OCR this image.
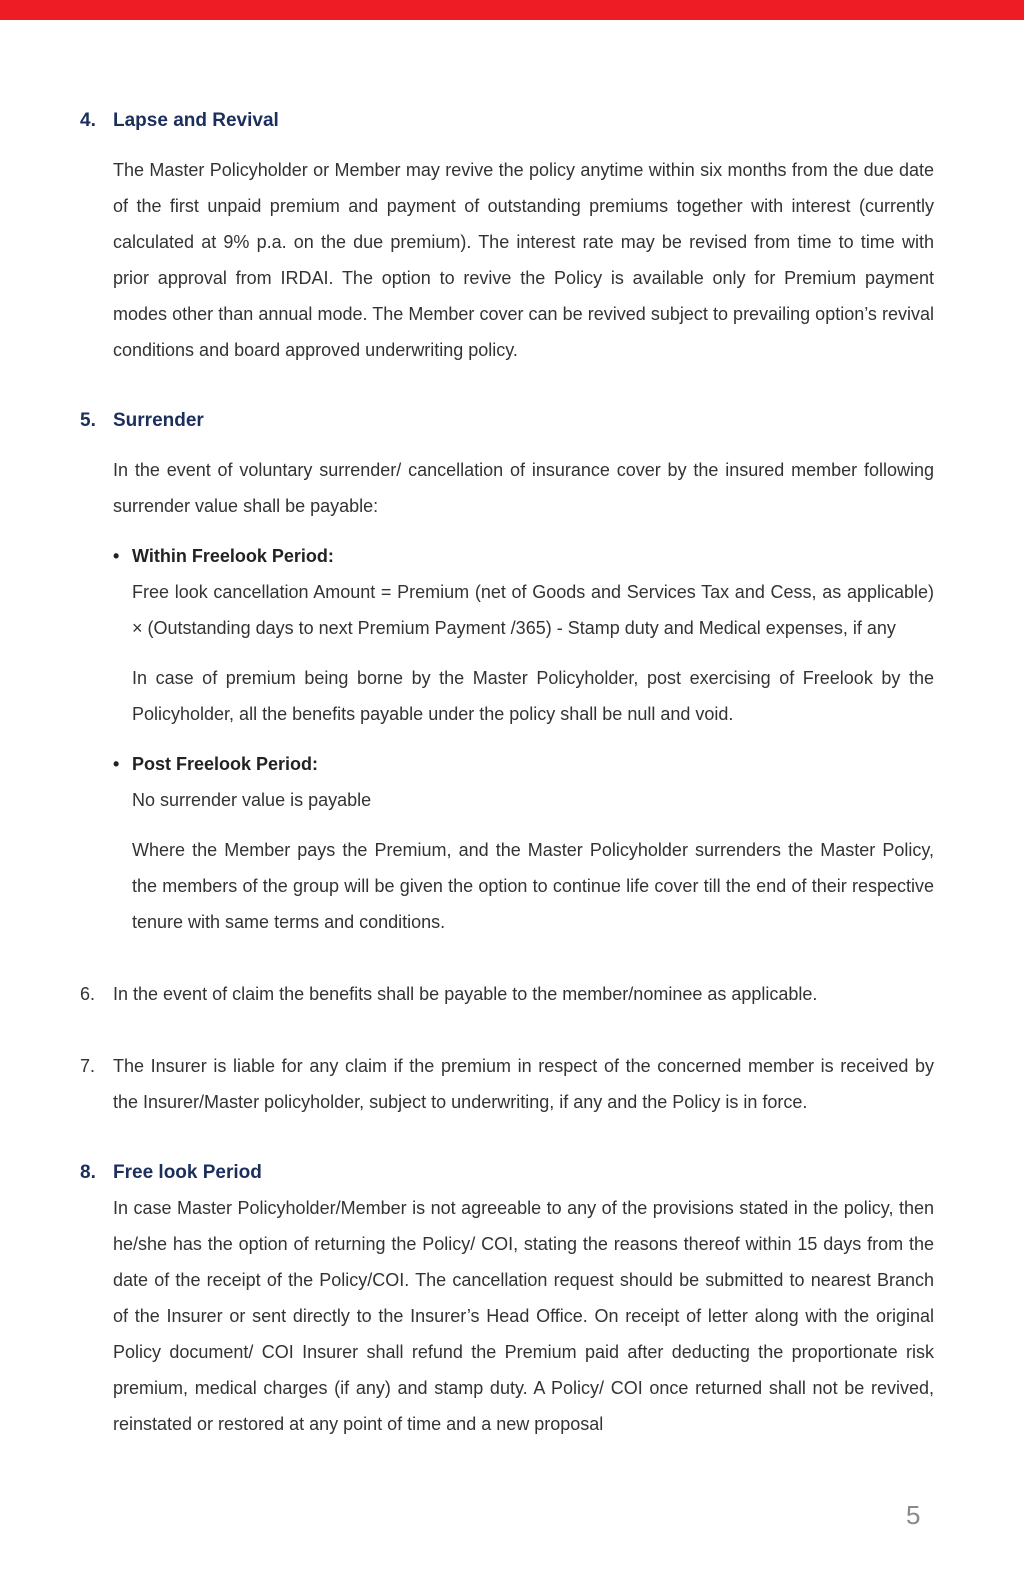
4. Lapse and Revival

The Master Policyholder or Member may revive the policy anytime within six months from the due date of the first unpaid premium and payment of outstanding premiums together with interest (currently calculated at 9% p.a. on the due premium). The interest rate may be revised from time to time with prior approval from IRDAI. The option to revive the Policy is available only for Premium payment modes other than annual mode. The Member cover can be revived subject to prevailing option’s revival conditions and board approved underwriting policy.

5. Surrender

In the event of voluntary surrender/ cancellation of insurance cover by the insured member following surrender value shall be payable:

• Within Freelook Period:

Free look cancellation Amount = Premium (net of Goods and Services Tax and Cess, as applicable) × (Outstanding days to next Premium Payment /365) - Stamp duty and Medical expenses, if any

In case of premium being borne by the Master Policyholder, post exercising of Freelook by the Policyholder, all the benefits payable under the policy shall be null and void.

• Post Freelook Period:

No surrender value is payable

Where the Member pays the Premium, and the Master Policyholder surrenders the Master Policy, the members of the group will be given the option to continue life cover till the end of their respective tenure with same terms and conditions.

6. In the event of claim the benefits shall be payable to the member/nominee as applicable.
7. The Insurer is liable for any claim if the premium in respect of the concerned member is received by the Insurer/Master policyholder, subject to underwriting, if any and the Policy is in force.
8. Free look Period

In case Master Policyholder/Member is not agreeable to any of the provisions stated in the policy, then he/she has the option of returning the Policy/ COI, stating the reasons thereof within 15 days from the date of the receipt of the Policy/COI. The cancellation request should be submitted to nearest Branch of the Insurer or sent directly to the Insurer’s Head Office. On receipt of letter along with the original Policy document/ COI Insurer shall refund the Premium paid after deducting the proportionate risk premium, medical charges (if any) and stamp duty. A Policy/ COI once returned shall not be revived, reinstated or restored at any point of time and a new proposal

5
